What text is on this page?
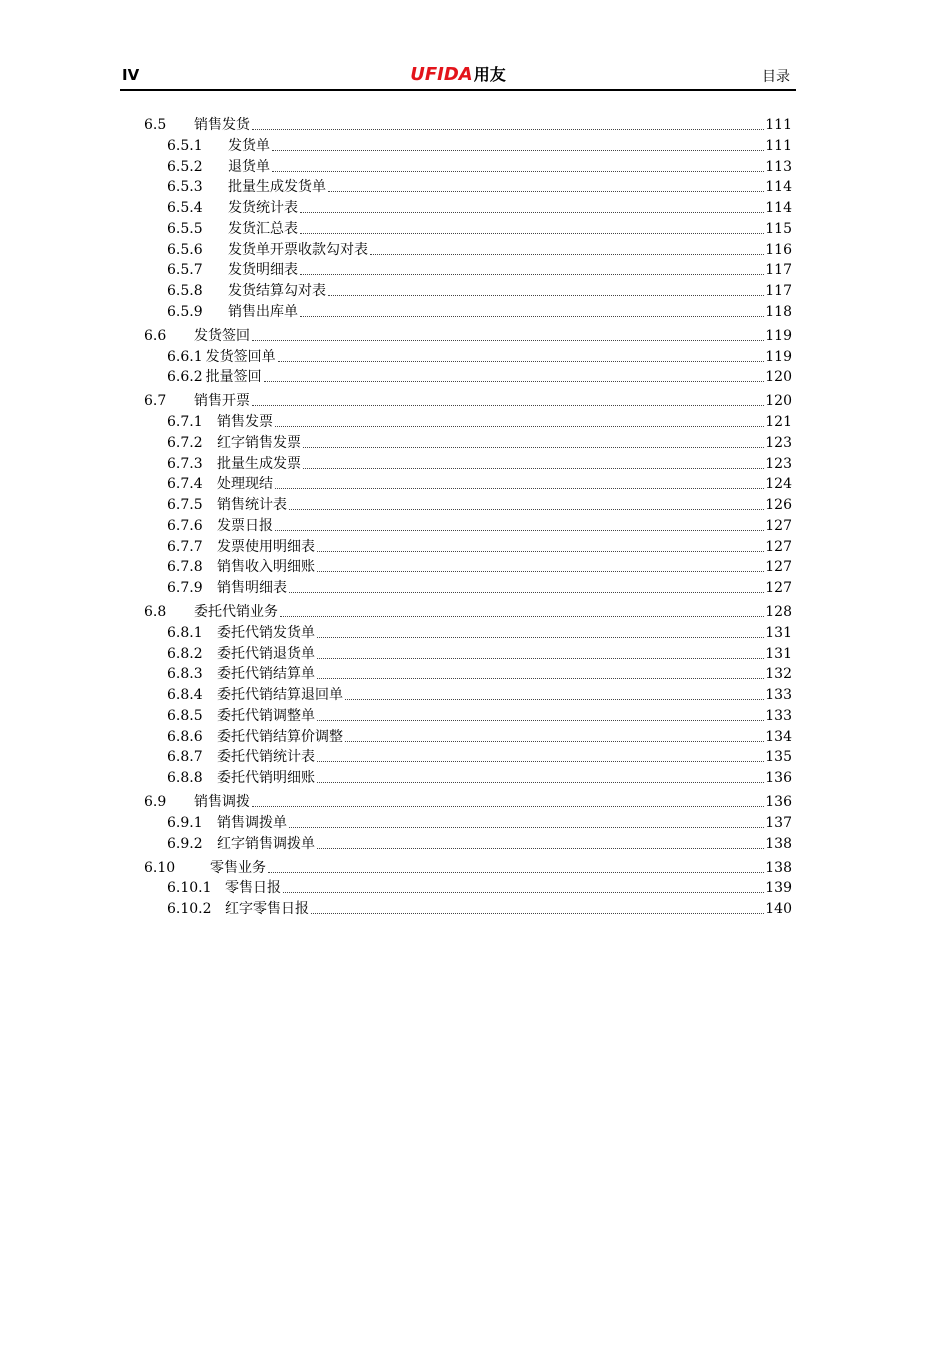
IV	UFIDA用友	目录
6.5	销售发货	111
6.5.1	发货单	111
6.5.2	退货单	113
6.5.3	批量生成发货单	114
6.5.4	发货统计表	114
6.5.5	发货汇总表	115
6.5.6	发货单开票收款勾对表	116
6.5.7	发货明细表	117
6.5.8	发货结算勾对表	117
6.5.9	销售出库单	118
6.6	发货签回	119
6.6.1 发货签回单	119
6.6.2 批量签回	120
6.7	销售开票	120
6.7.1	销售发票	121
6.7.2	红字销售发票	123
6.7.3	批量生成发票	123
6.7.4	处理现结	124
6.7.5	销售统计表	126
6.7.6	发票日报	127
6.7.7	发票使用明细表	127
6.7.8	销售收入明细账	127
6.7.9	销售明细表	127
6.8	委托代销业务	128
6.8.1	委托代销发货单	131
6.8.2	委托代销退货单	131
6.8.3	委托代销结算单	132
6.8.4	委托代销结算退回单	133
6.8.5	委托代销调整单	133
6.8.6	委托代销结算价调整	134
6.8.7	委托代销统计表	135
6.8.8	委托代销明细账	136
6.9	销售调拨	136
6.9.1	销售调拨单	137
6.9.2	红字销售调拨单	138
6.10	零售业务	138
6.10.1 零售日报	139
6.10.2 红字零售日报	140
